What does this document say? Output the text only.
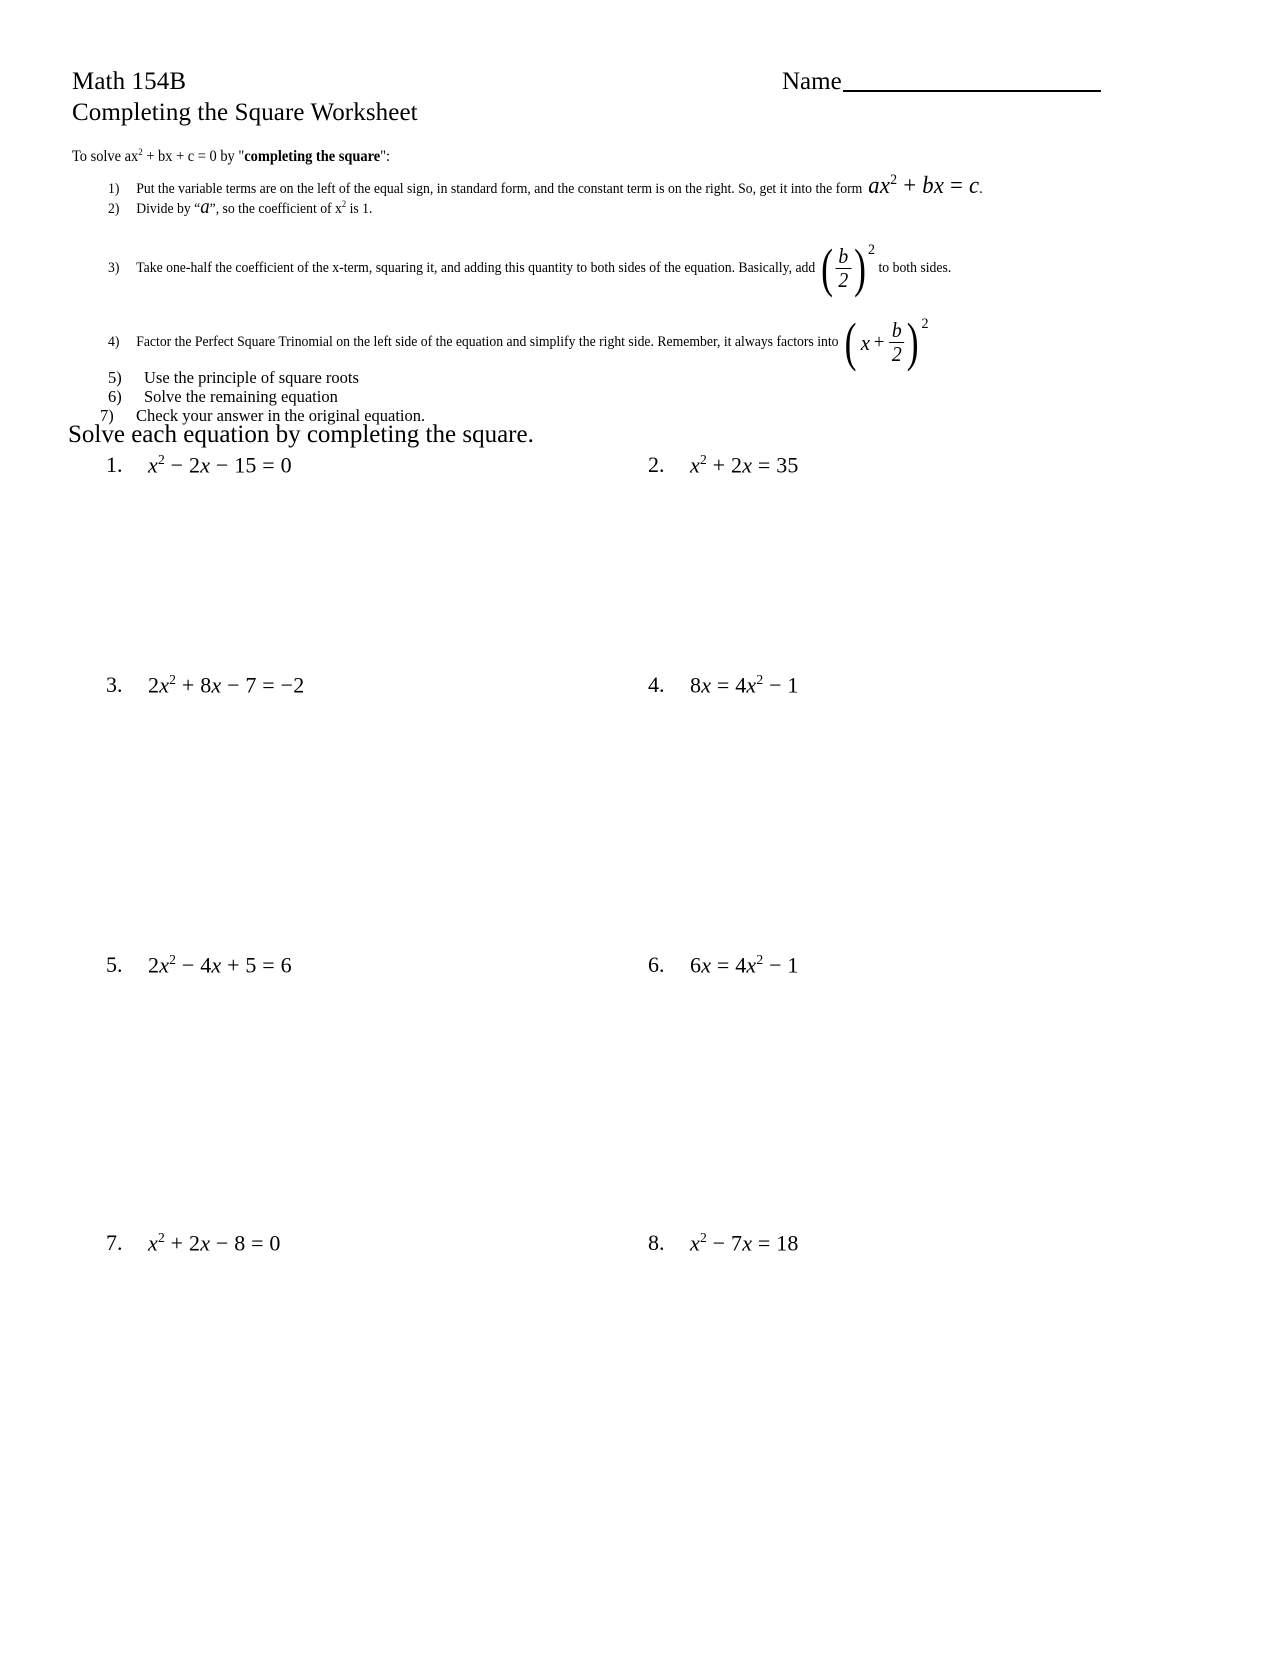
Math 154B
Completing the Square Worksheet
Name
To solve $ax^2$ + bx + c = 0 by "completing the square":
1)	Put the variable terms are on the left of the equal sign, in standard form, and the constant term is on the right. So, get it into the form $ax^2$ + bx = c .
2)	Divide by “a”, so the coefficient of $x^2$ is 1.
3)	Take one-half the coefficient of the x-term, squaring it, and adding this quantity to both sides of the equation. Basically, add
( $\frac{b}{2}$ ) 2

to both sides.
4)	Factor the Perfect Square Trinomial on the left side of the equation and simplify the right side. Remember, it always factors into
( $x + \frac{b}{2}$ ) 2
5)	Use the principle of square roots
6)	Solve the remaining equation
7)	Check your answer in the original equation.
Solve each equation by completing the square.
1.	$x^2 - 2x - 15 = 0$	2.	$x^2 + 2x = 35$
3.	$2x^2 + 8x - 7 = -2$	4.	$8x = 4x^2 - 1$
5.	$2x^2 - 4x + 5 = 6$	6.	$6x = 4x^2 - 1$
7.	$x^2 + 2x - 8 = 0$	8.	$x^2 - 7x = 18$
